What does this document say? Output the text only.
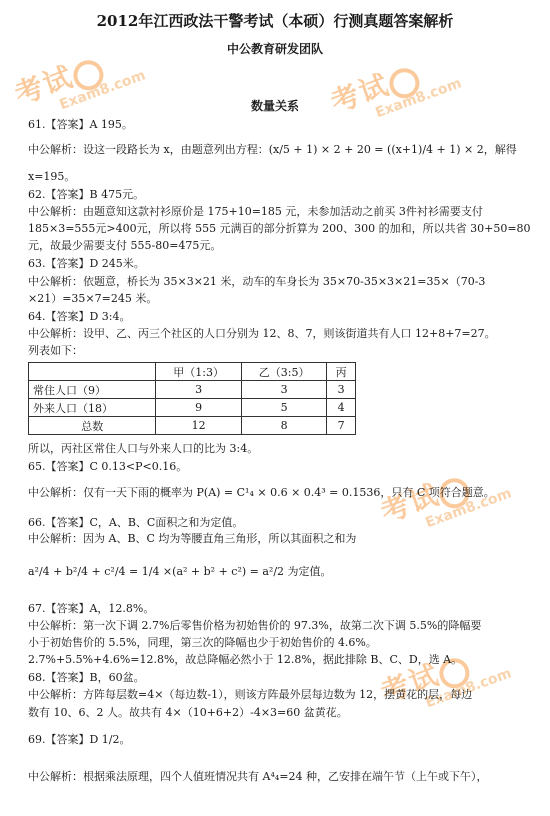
考试
Exam8.com	考试
Exam8.com
考试
Exam8.com
考试
Exam8.com
2012年江西政法干警考试（本硕）行测真题答案解析
中公教育研发团队
数量关系
61.【答案】A 195。
中公解析：设这一段路长为 x，由题意列出方程：(x/5 + 1) × 2 + 20 = ((x+1)/4 + 1) × 2，解得
x=195。
62.【答案】B 475元。
中公解析：由题意知这款衬衫原价是 175+10=185 元，未参加活动之前买 3件衬衫需要支付
185×3=555元>400元，所以将 555 元满百的部分折算为 200、300 的加和，所以共省 30+50=80
元，故最少需要支付 555-80=475元。
63.【答案】D 245米。
中公解析：依题意，桥长为 35×3×21 米，动车的车身长为 35×70-35×3×21=35×（70-3
×21）=35×7=245 米。
64.【答案】D 3:4。
中公解析：设甲、乙、丙三个社区的人口分别为 12、8、7，则该街道共有人口 12+8+7=27。
列表如下：
	甲（1:3）	乙（3:5）	丙
常住人口（9）	3	3	3
外来人口（18）	9	5	4
总数	12	8	7
所以，丙社区常住人口与外来人口的比为 3:4。
65.【答案】C 0.13<P<0.16。
中公解析：仅有一天下雨的概率为 P(A) = C¹₄ × 0.6 × 0.4³ = 0.1536，只有 C 项符合题意。
66.【答案】C，A、B、C面积之和为定值。
中公解析：因为 A、B、C 均为等腰直角三角形，所以其面积之和为
a²/4 + b²/4 + c²/4 = 1/4 ×(a² + b² + c²) = a²/2 为定值。
67.【答案】A，12.8%。
中公解析：第一次下调 2.7%后零售价格为初始售价的 97.3%，故第二次下调 5.5%的降幅要
小于初始售价的 5.5%，同理，第三次的降幅也少于初始售价的 4.6%。
2.7%+5.5%+4.6%=12.8%，故总降幅必然小于 12.8%，据此排除 B、C、D，选 A。
68.【答案】B，60盆。
中公解析：方阵每层数=4×（每边数-1），则该方阵最外层每边数为 12，摆黄花的层，每边
数有 10、6、2 人。故共有 4×（10+6+2）-4×3=60 盆黄花。
69.【答案】D 1/2。
中公解析：根据乘法原理，四个人值班情况共有 A⁴₄=24 种，乙安排在端午节（上午或下午），
